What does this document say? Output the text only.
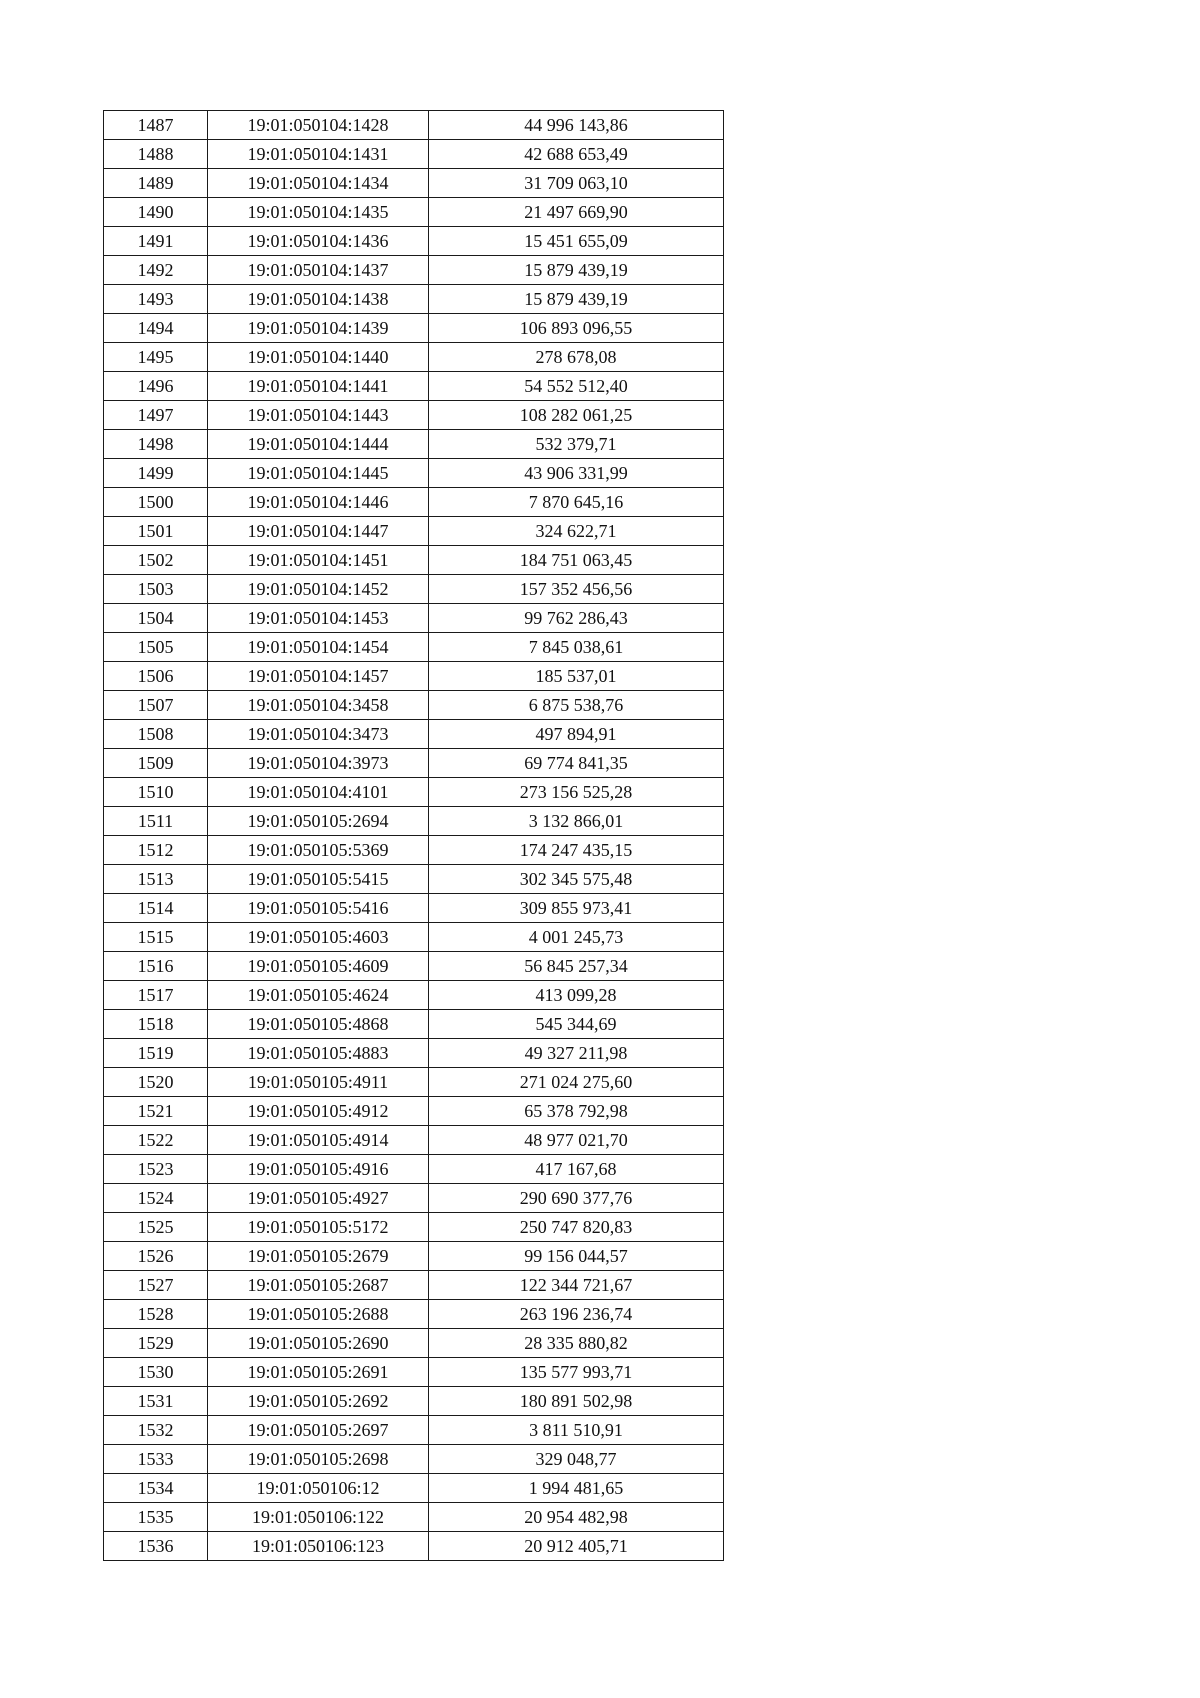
1487	19:01:050104:1428	44 996 143,86
1488	19:01:050104:1431	42 688 653,49
1489	19:01:050104:1434	31 709 063,10
1490	19:01:050104:1435	21 497 669,90
1491	19:01:050104:1436	15 451 655,09
1492	19:01:050104:1437	15 879 439,19
1493	19:01:050104:1438	15 879 439,19
1494	19:01:050104:1439	106 893 096,55
1495	19:01:050104:1440	278 678,08
1496	19:01:050104:1441	54 552 512,40
1497	19:01:050104:1443	108 282 061,25
1498	19:01:050104:1444	532 379,71
1499	19:01:050104:1445	43 906 331,99
1500	19:01:050104:1446	7 870 645,16
1501	19:01:050104:1447	324 622,71
1502	19:01:050104:1451	184 751 063,45
1503	19:01:050104:1452	157 352 456,56
1504	19:01:050104:1453	99 762 286,43
1505	19:01:050104:1454	7 845 038,61
1506	19:01:050104:1457	185 537,01
1507	19:01:050104:3458	6 875 538,76
1508	19:01:050104:3473	497 894,91
1509	19:01:050104:3973	69 774 841,35
1510	19:01:050104:4101	273 156 525,28
1511	19:01:050105:2694	3 132 866,01
1512	19:01:050105:5369	174 247 435,15
1513	19:01:050105:5415	302 345 575,48
1514	19:01:050105:5416	309 855 973,41
1515	19:01:050105:4603	4 001 245,73
1516	19:01:050105:4609	56 845 257,34
1517	19:01:050105:4624	413 099,28
1518	19:01:050105:4868	545 344,69
1519	19:01:050105:4883	49 327 211,98
1520	19:01:050105:4911	271 024 275,60
1521	19:01:050105:4912	65 378 792,98
1522	19:01:050105:4914	48 977 021,70
1523	19:01:050105:4916	417 167,68
1524	19:01:050105:4927	290 690 377,76
1525	19:01:050105:5172	250 747 820,83
1526	19:01:050105:2679	99 156 044,57
1527	19:01:050105:2687	122 344 721,67
1528	19:01:050105:2688	263 196 236,74
1529	19:01:050105:2690	28 335 880,82
1530	19:01:050105:2691	135 577 993,71
1531	19:01:050105:2692	180 891 502,98
1532	19:01:050105:2697	3 811 510,91
1533	19:01:050105:2698	329 048,77
1534	19:01:050106:12	1 994 481,65
1535	19:01:050106:122	20 954 482,98
1536	19:01:050106:123	20 912 405,71
